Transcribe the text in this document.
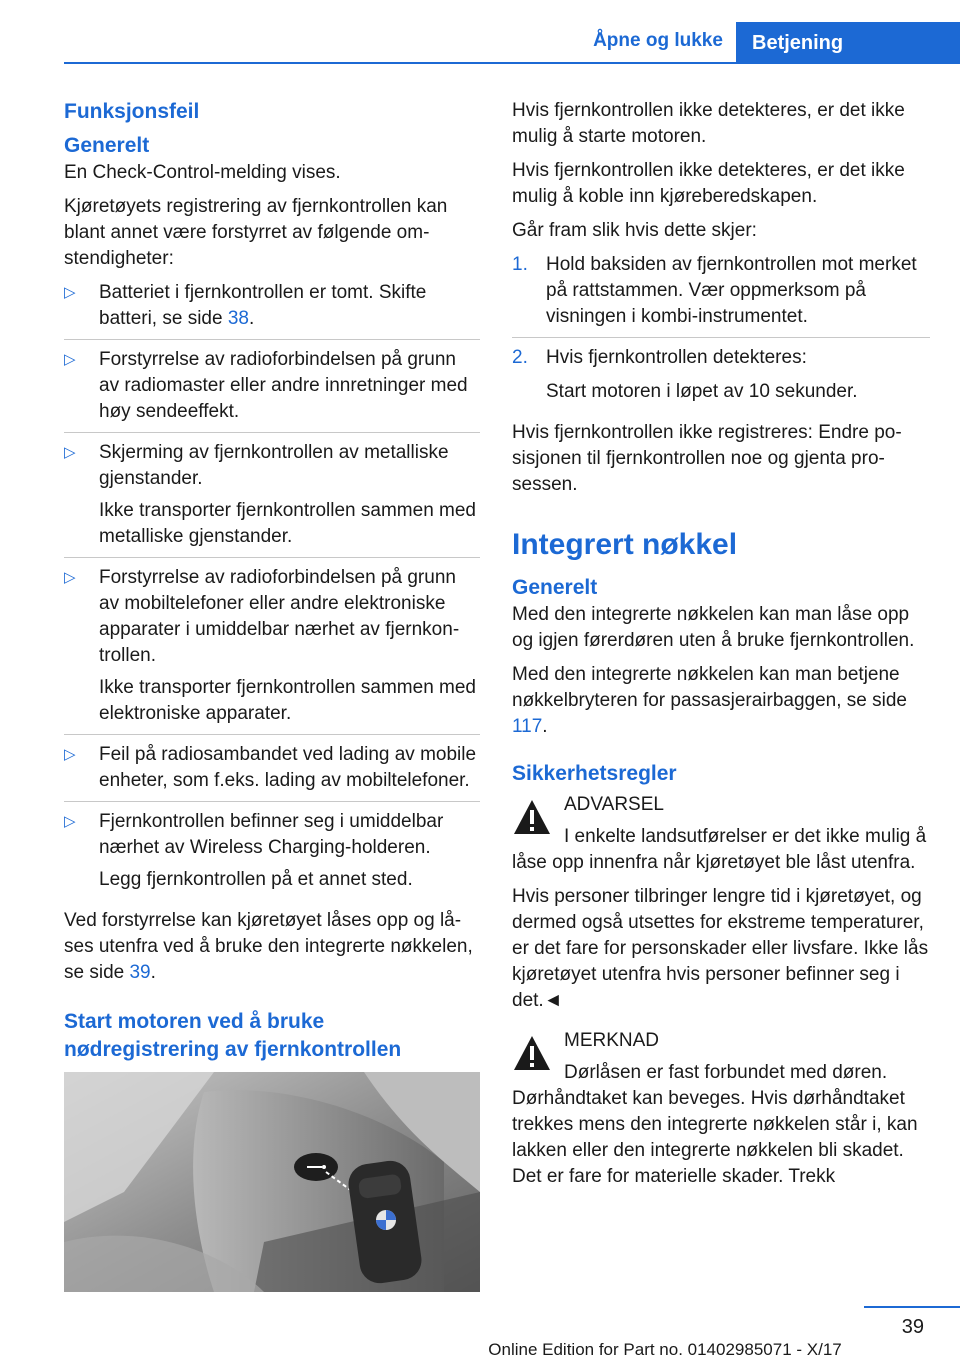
Åpne og lukke	Betjening
Funksjonsfeil
Generelt

En Check-Control-melding vises.

Kjøretøyets registrering av fjernkontrollen kan blant annet være forstyrret av følgende omstendigheter:

▷ Batteriet i fjernkontrollen er tomt. Skifte batteri, se side 38.
▷ Forstyrrelse av radioforbindelsen på grunn av radiomaster eller andre innretninger med høy sendeeffekt.
▷ Skjerming av fjernkontrollen av metalliske gjenstander.
Ikke transporter fjernkontrollen sammen med metalliske gjenstander.
▷ Forstyrrelse av radioforbindelsen på grunn av mobiltelefoner eller andre elektroniske apparater i umiddelbar nærhet av fjernkontrollen.
Ikke transporter fjernkontrollen sammen med elektroniske apparater.
▷ Feil på radiosambandet ved lading av mobile enheter, som f.eks. lading av mobiltelefoner.
▷ Fjernkontrollen befinner seg i umiddelbar nærhet av Wireless Charging-holderen.
Legg fjernkontrollen på et annet sted.

Ved forstyrrelse kan kjøretøyet låses opp og låses utenfra ved å bruke den integrerte nøkkelen, se side 39.

Start motoren ved å bruke nødregistrering av fjernkontrollen

Hvis fjernkontrollen ikke detekteres, er det ikke mulig å starte motoren.

Hvis fjernkontrollen ikke detekteres, er det ikke mulig å koble inn kjøreberedskapen.

Går fram slik hvis dette skjer:

1. Hold baksiden av fjernkontrollen mot merket på rattstammen. Vær oppmerksom på visningen i kombi-instrumentet.
2. Hvis fjernkontrollen detekteres:
Start motoren i løpet av 10 sekunder.

Hvis fjernkontrollen ikke registreres: Endre posisjonen til fjernkontrollen noe og gjenta prosessen.

Integrert nøkkel
Generelt

Med den integrerte nøkkelen kan man låse opp og igjen førerdøren uten å bruke fjernkontrollen.

Med den integrerte nøkkelen kan man betjene nøkkelbryteren for passasjerairbaggen, se side 117.

Sikkerhetsregler
ADVARSEL

I enkelte landsutførelser er det ikke mulig å låse opp innenfra når kjøretøyet ble låst utenfra.

Hvis personer tilbringer lengre tid i kjøretøyet, og dermed også utsettes for ekstreme temperaturer, er det fare for personskader eller livsfare. Ikke lås kjøretøyet utenfra hvis personer befinner seg i det.◄

MERKNAD

Dørlåsen er fast forbundet med døren. Dørhåndtaket kan beveges. Hvis dørhåndtaket trekkes mens den integrerte nøkkelen står i, kan lakken eller den integrerte nøkkelen bli skadet. Det er fare for materielle skader. Trekk

39
Online Edition for Part no. 01402985071 - X/17
